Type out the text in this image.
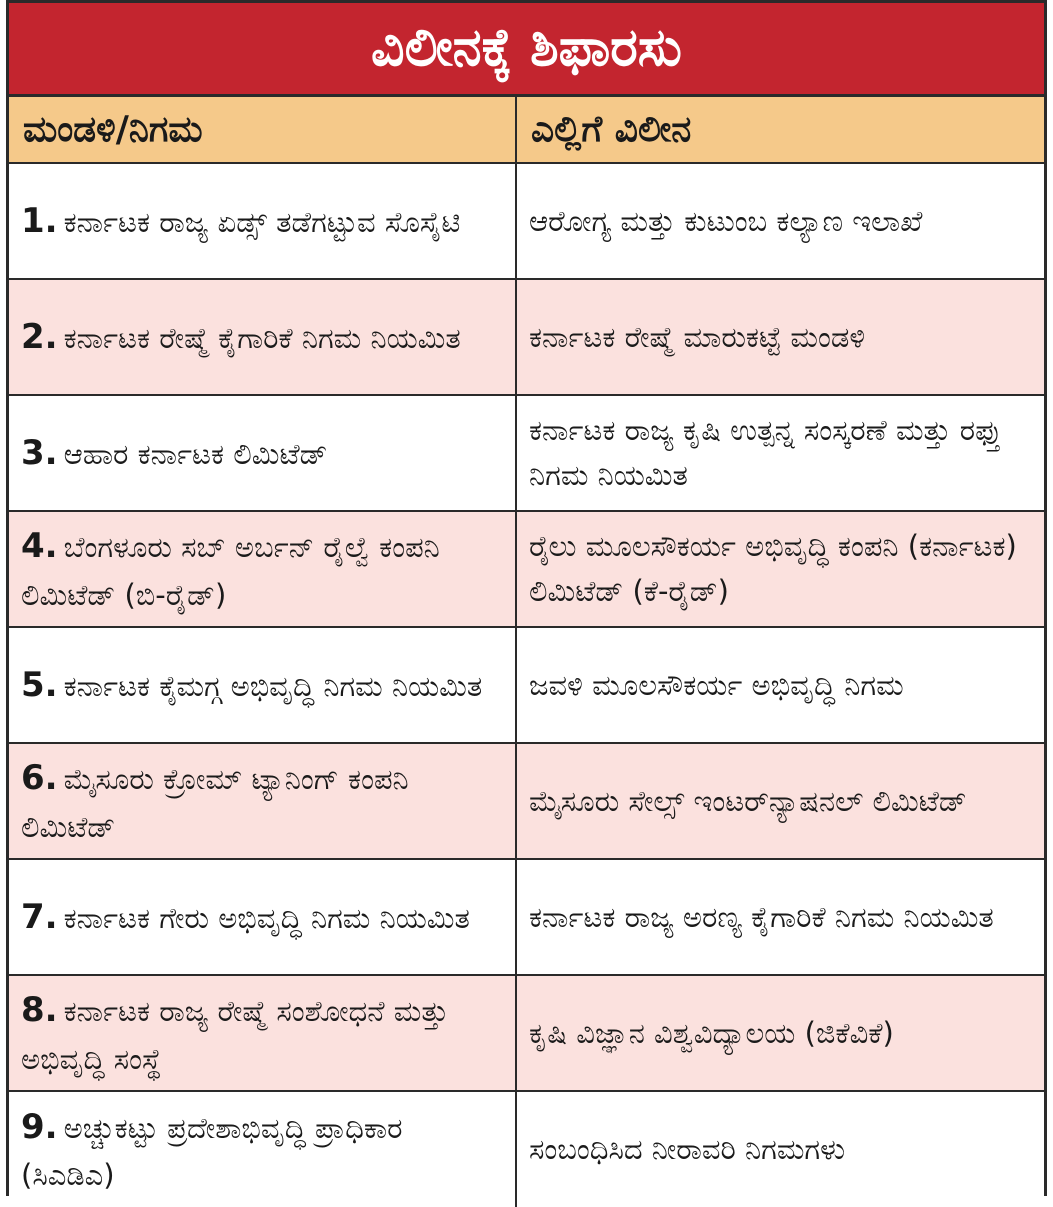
ವಿಲೀನಕ್ಕೆ ಶಿಫಾರಸು
ಮಂಡಳಿ/ನಿಗಮ	ಎಲ್ಲಿಗೆ ವಿಲೀನ
1. ಕರ್ನಾಟಕ ರಾಜ್ಯ ಏಡ್ಸ್ ತಡೆಗಟ್ಟುವ ಸೊಸೈಟಿ	ಆರೋಗ್ಯ ಮತ್ತು ಕುಟುಂಬ ಕಲ್ಯಾಣ ಇಲಾಖೆ
2. ಕರ್ನಾಟಕ ರೇಷ್ಮೆ ಕೈಗಾರಿಕೆ ನಿಗಮ ನಿಯಮಿತ	ಕರ್ನಾಟಕ ರೇಷ್ಮೆ ಮಾರುಕಟ್ಟೆ ಮಂಡಳಿ
3. ಆಹಾರ ಕರ್ನಾಟಕ ಲಿಮಿಟೆಡ್	ಕರ್ನಾಟಕ ರಾಜ್ಯ ಕೃಷಿ ಉತ್ಪನ್ನ ಸಂಸ್ಕರಣೆ ಮತ್ತು ರಫ್ತು ನಿಗಮ ನಿಯಮಿತ
4. ಬೆಂಗಳೂರು ಸಬ್ ಅರ್ಬನ್ ರೈಲ್ವೆ ಕಂಪನಿ ಲಿಮಿಟೆಡ್ (ಬಿ-ರೈಡ್)	ರೈಲು ಮೂಲಸೌಕರ್ಯ ಅಭಿವೃದ್ಧಿ ಕಂಪನಿ (ಕರ್ನಾಟಕ) ಲಿಮಿಟೆಡ್ (ಕೆ-ರೈಡ್)
5. ಕರ್ನಾಟಕ ಕೈಮಗ್ಗ ಅಭಿವೃದ್ಧಿ ನಿಗಮ ನಿಯಮಿತ	ಜವಳಿ ಮೂಲಸೌಕರ್ಯ ಅಭಿವೃದ್ಧಿ ನಿಗಮ
6. ಮೈಸೂರು ಕ್ರೋಮ್ ಟ್ಯಾನಿಂಗ್ ಕಂಪನಿ ಲಿಮಿಟೆಡ್	ಮೈಸೂರು ಸೇಲ್ಸ್ ಇಂಟರ್‌ನ್ಯಾಷನಲ್ ಲಿಮಿಟೆಡ್
7. ಕರ್ನಾಟಕ ಗೇರು ಅಭಿವೃದ್ಧಿ ನಿಗಮ ನಿಯಮಿತ	ಕರ್ನಾಟಕ ರಾಜ್ಯ ಅರಣ್ಯ ಕೈಗಾರಿಕೆ ನಿಗಮ ನಿಯಮಿತ
8. ಕರ್ನಾಟಕ ರಾಜ್ಯ ರೇಷ್ಮೆ ಸಂಶೋಧನೆ ಮತ್ತು ಅಭಿವೃದ್ಧಿ ಸಂಸ್ಥೆ	ಕೃಷಿ ವಿಜ್ಞಾನ ವಿಶ್ವವಿದ್ಯಾಲಯ (ಜಿಕೆವಿಕೆ)
9. ಅಚ್ಚುಕಟ್ಟು ಪ್ರದೇಶಾಭಿವೃದ್ಧಿ ಪ್ರಾಧಿಕಾರ (ಸಿಎಡಿಎ)	ಸಂಬಂಧಿಸಿದ ನೀರಾವರಿ ನಿಗಮಗಳು
